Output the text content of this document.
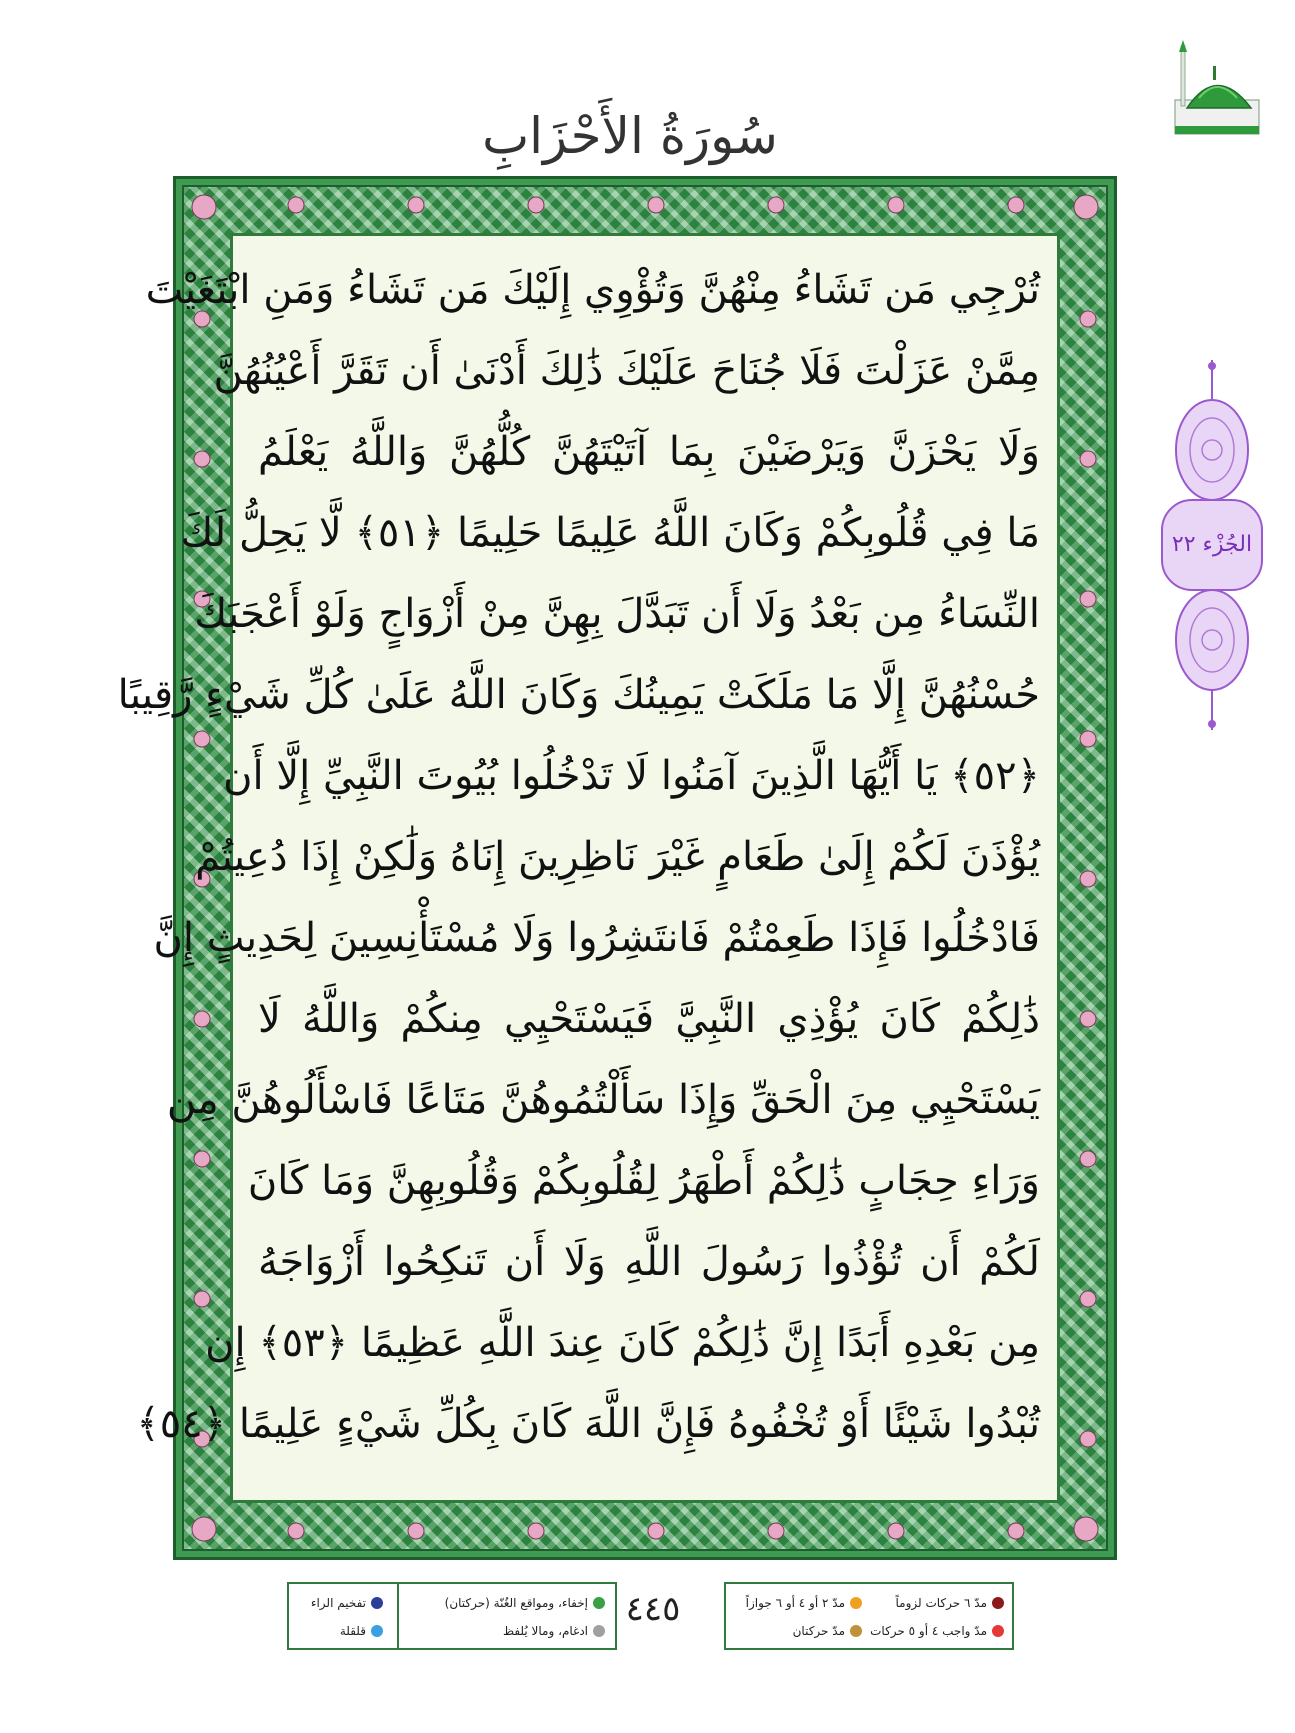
سُورَةُ الأَحْزَابِ
تُرْجِي مَن تَشَاءُ مِنْهُنَّ وَتُؤْوِي إِلَيْكَ مَن تَشَاءُ وَمَنِ ابْتَغَيْتَ
مِمَّنْ عَزَلْتَ فَلَا جُنَاحَ عَلَيْكَ ذَٰلِكَ أَدْنَىٰ أَن تَقَرَّ أَعْيُنُهُنَّ
وَلَا يَحْزَنَّ وَيَرْضَيْنَ بِمَا آتَيْتَهُنَّ كُلُّهُنَّ وَاللَّهُ يَعْلَمُ
مَا فِي قُلُوبِكُمْ وَكَانَ اللَّهُ عَلِيمًا حَلِيمًا ﴿٥١﴾ لَّا يَحِلُّ لَكَ
النِّسَاءُ مِن بَعْدُ وَلَا أَن تَبَدَّلَ بِهِنَّ مِنْ أَزْوَاجٍ وَلَوْ أَعْجَبَكَ
حُسْنُهُنَّ إِلَّا مَا مَلَكَتْ يَمِينُكَ وَكَانَ اللَّهُ عَلَىٰ كُلِّ شَيْءٍ رَّقِيبًا
﴿٥٢﴾ يَا أَيُّهَا الَّذِينَ آمَنُوا لَا تَدْخُلُوا بُيُوتَ النَّبِيِّ إِلَّا أَن
يُؤْذَنَ لَكُمْ إِلَىٰ طَعَامٍ غَيْرَ نَاظِرِينَ إِنَاهُ وَلَٰكِنْ إِذَا دُعِيتُمْ
فَادْخُلُوا فَإِذَا طَعِمْتُمْ فَانتَشِرُوا وَلَا مُسْتَأْنِسِينَ لِحَدِيثٍ إِنَّ
ذَٰلِكُمْ كَانَ يُؤْذِي النَّبِيَّ فَيَسْتَحْيِي مِنكُمْ وَاللَّهُ لَا
يَسْتَحْيِي مِنَ الْحَقِّ وَإِذَا سَأَلْتُمُوهُنَّ مَتَاعًا فَاسْأَلُوهُنَّ مِن
وَرَاءِ حِجَابٍ ذَٰلِكُمْ أَطْهَرُ لِقُلُوبِكُمْ وَقُلُوبِهِنَّ وَمَا كَانَ
لَكُمْ أَن تُؤْذُوا رَسُولَ اللَّهِ وَلَا أَن تَنكِحُوا أَزْوَاجَهُ
مِن بَعْدِهِ أَبَدًا إِنَّ ذَٰلِكُمْ كَانَ عِندَ اللَّهِ عَظِيمًا ﴿٥٣﴾ إِن
تُبْدُوا شَيْئًا أَوْ تُخْفُوهُ فَإِنَّ اللَّهَ كَانَ بِكُلِّ شَيْءٍ عَلِيمًا ﴿٥٤﴾
الجُزْء ٢٢
٤٤٥
إخفاء، ومواقع الغُنّة (حركتان)
ادغام، ومالا يُلفظ
تفخيم الراء
قلقلة
مدّ ٦ حركات لزوماً
مدّ واجب ٤ أو ٥ حركات
مدّ ٢ أو ٤ أو ٦ جوازاً
مدّ حركتان
